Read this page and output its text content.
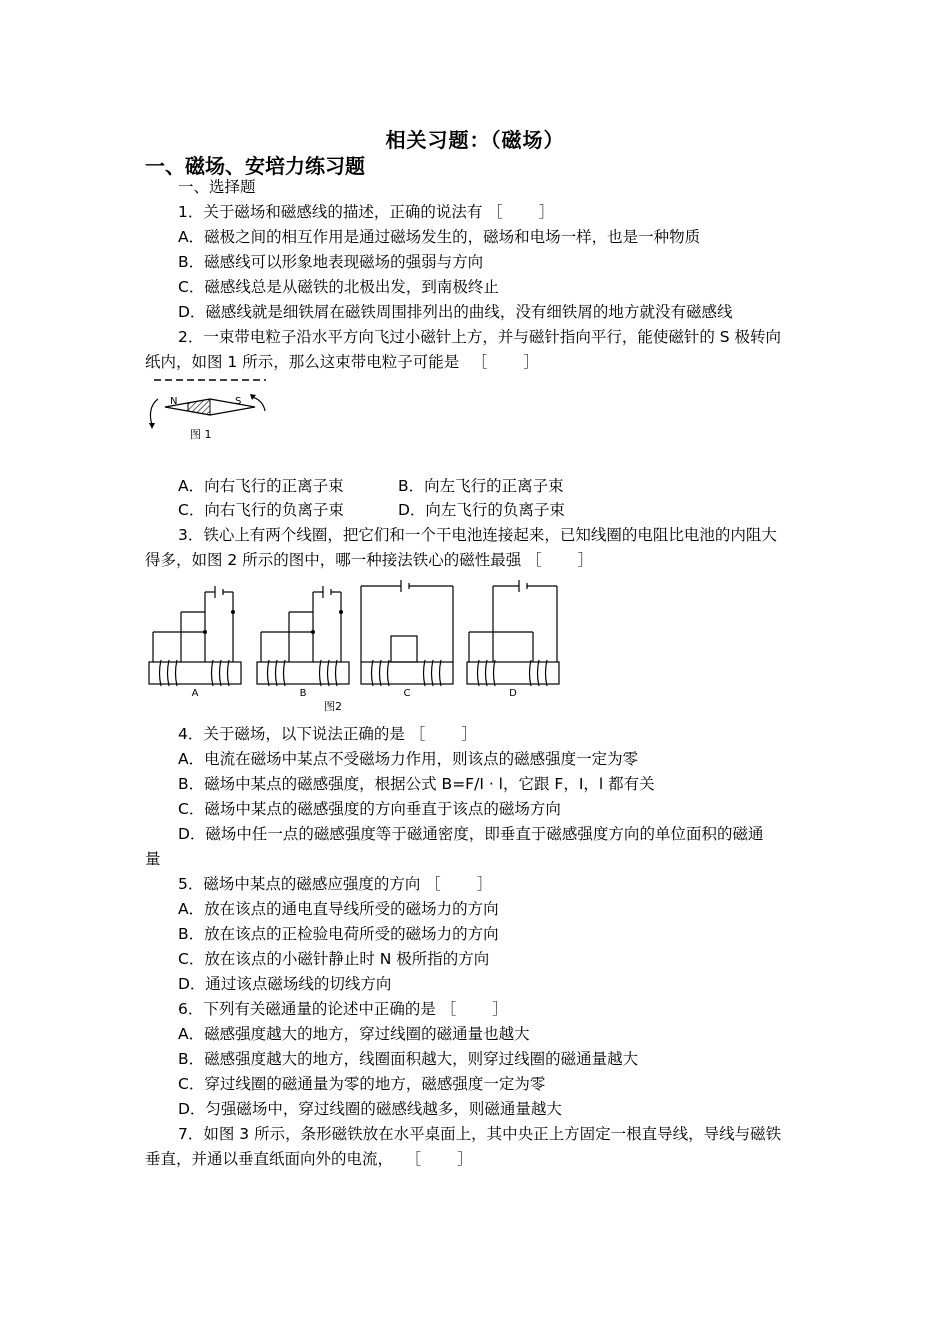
相关习题：（磁场）
一、磁场、安培力练习题
一、选择题
1．关于磁场和磁感线的描述，正确的说法有 ［ 　　］
A．磁极之间的相互作用是通过磁场发生的，磁场和电场一样，也是一种物质
B．磁感线可以形象地表现磁场的强弱与方向
C．磁感线总是从磁铁的北极出发，到南极终止
D．磁感线就是细铁屑在磁铁周围排列出的曲线，没有细铁屑的地方就没有磁感线
2．一束带电粒子沿水平方向飞过小磁针上方，并与磁针指向平行，能使磁针的 S 极转向
纸内，如图 1 所示，那么这束带电粒子可能是 　［ 　　］
N	S
图 1
A．向右飞行的正离子束	B．向左飞行的正离子束
C．向右飞行的负离子束	D．向左飞行的负离子束
3．铁心上有两个线圈，把它们和一个干电池连接起来，已知线圈的电阻比电池的内阻大
得多，如图 2 所示的图中，哪一种接法铁心的磁性最强 ［ 　　］
A	B	C	D
图2
4．关于磁场，以下说法正确的是 ［ 　　］
A．电流在磁场中某点不受磁场力作用，则该点的磁感强度一定为零
B．磁场中某点的磁感强度，根据公式 B=F/I · l，它跟 F，I，l 都有关
C．磁场中某点的磁感强度的方向垂直于该点的磁场方向
D．磁场中任一点的磁感强度等于磁通密度，即垂直于磁感强度方向的单位面积的磁通
量
5．磁场中某点的磁感应强度的方向 ［ 　　］
A．放在该点的通电直导线所受的磁场力的方向
B．放在该点的正检验电荷所受的磁场力的方向
C．放在该点的小磁针静止时 N 极所指的方向
D．通过该点磁场线的切线方向
6．下列有关磁通量的论述中正确的是 ［ 　　］
A．磁感强度越大的地方，穿过线圈的磁通量也越大
B．磁感强度越大的地方，线圈面积越大，则穿过线圈的磁通量越大
C．穿过线圈的磁通量为零的地方，磁感强度一定为零
D．匀强磁场中，穿过线圈的磁感线越多，则磁通量越大
7．如图 3 所示，条形磁铁放在水平桌面上，其中央正上方固定一根直导线，导线与磁铁
垂直，并通以垂直纸面向外的电流， 　［ 　　］
